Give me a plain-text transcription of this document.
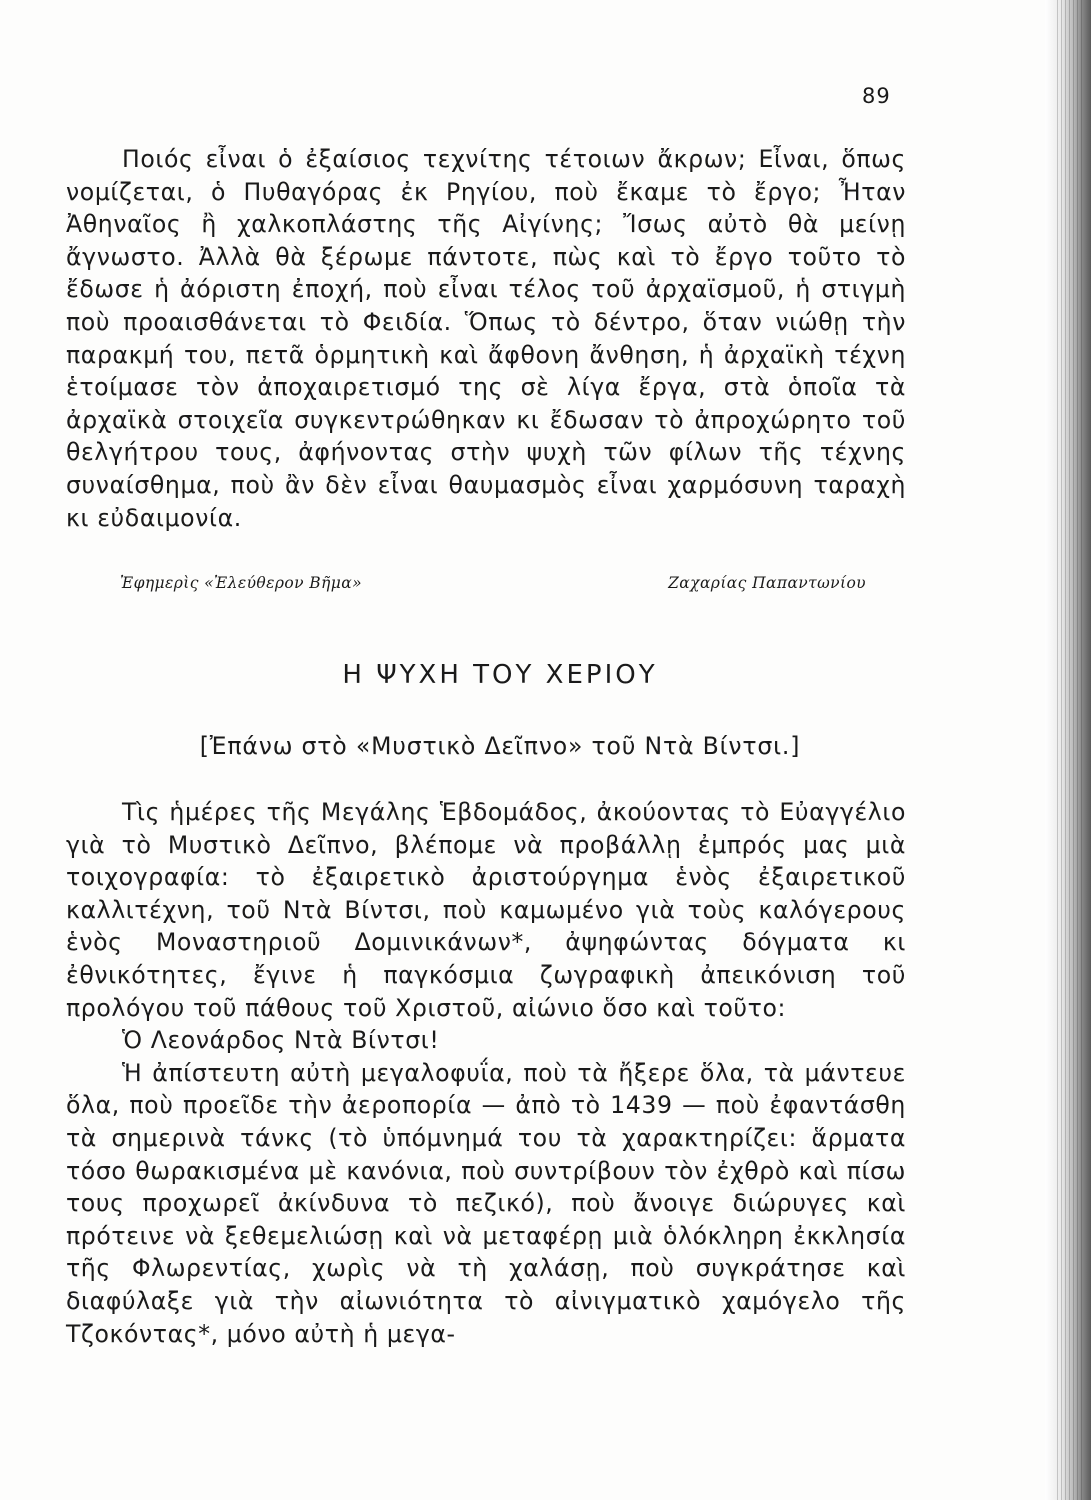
89

Ποιός εἶναι ὁ ἐξαίσιος τεχνίτης τέτοιων ἄκρων; Εἶναι, ὅπως νομίζεται, ὁ Πυθαγόρας ἐκ Ρηγίου, ποὺ ἔκαμε τὸ ἔργο; Ἦταν Ἀθηναῖος ἢ χαλκοπλάστης τῆς Αἰγίνης; Ἴσως αὐτὸ θὰ μείνῃ ἄγνωστο. Ἀλλὰ θὰ ξέρωμε πάντοτε, πὼς καὶ τὸ ἔργο τοῦτο τὸ ἔδωσε ἡ ἀόριστη ἐποχή, ποὺ εἶναι τέλος τοῦ ἀρχαϊσμοῦ, ἡ στιγμὴ ποὺ προαισθάνεται τὸ Φειδία. Ὅπως τὸ δέντρο, ὅταν νιώθῃ τὴν παρακμή του, πετᾶ ὁρμητικὴ καὶ ἄφθονη ἄνθηση, ἡ ἀρχαϊκὴ τέχνη ἑτοίμασε τὸν ἀποχαιρετισμό της σὲ λίγα ἔργα, στὰ ὁποῖα τὰ ἀρχαϊκὰ στοιχεῖα συγκεντρώθηκαν κι ἔδωσαν τὸ ἀπροχώρητο τοῦ θελγήτρου τους, ἀφήνοντας στὴν ψυχὴ τῶν φίλων τῆς τέχνης συναίσθημα, ποὺ ἂν δὲν εἶναι θαυμασμὸς εἶναι χαρμόσυνη ταραχὴ κι εὐδαιμονία.

Ἐφημερὶς «Ἐλεύθερον Βῆμα»	Ζαχαρίας Παπαντωνίου
Η ΨΥΧΗ ΤΟΥ ΧΕΡΙΟΥ
[Ἐπάνω στὸ «Μυστικὸ Δεῖπνο» τοῦ Ντὰ Βίντσι.]

Τὶς ἡμέρες τῆς Μεγάλης Ἑβδομάδος, ἀκούοντας τὸ Εὐαγγέλιο γιὰ τὸ Μυστικὸ Δεῖπνο, βλέπομε νὰ προβάλλῃ ἐμπρός μας μιὰ τοιχογραφία: τὸ ἐξαιρετικὸ ἀριστούργημα ἑνὸς ἐξαιρετικοῦ καλλιτέχνη, τοῦ Ντὰ Βίντσι, ποὺ καμωμένο γιὰ τοὺς καλόγερους ἑνὸς Μοναστηριοῦ Δομινικάνων*, ἀψηφώντας δόγματα κι ἐθνικότητες, ἔγινε ἡ παγκόσμια ζωγραφικὴ ἀπεικόνιση τοῦ προλόγου τοῦ πάθους τοῦ Χριστοῦ, αἰώνιο ὅσο καὶ τοῦτο:

Ὁ Λεονάρδος Ντὰ Βίντσι!

Ἡ ἀπίστευτη αὐτὴ μεγαλοφυΐα, ποὺ τὰ ἤξερε ὅλα, τὰ μάντευε ὅλα, ποὺ προεῖδε τὴν ἀεροπορία — ἀπὸ τὸ 1439 — ποὺ ἐφαντάσθη τὰ σημερινὰ τάνκς (τὸ ὑπόμνημά του τὰ χαρακτηρίζει: ἅρματα τόσο θωρακισμένα μὲ κανόνια, ποὺ συντρίβουν τὸν ἐχθρὸ καὶ πίσω τους προχωρεῖ ἀκίνδυνα τὸ πεζικό), ποὺ ἄνοιγε διώρυγες καὶ πρότεινε νὰ ξεθεμελιώσῃ καὶ νὰ μεταφέρῃ μιὰ ὁλόκληρη ἐκκλησία τῆς Φλωρεντίας, χωρὶς νὰ τὴ χαλάσῃ, ποὺ συγκράτησε καὶ διαφύλαξε γιὰ τὴν αἰωνιότητα τὸ αἰνιγματικὸ χαμόγελο τῆς Τζοκόντας*, μόνο αὐτὴ ἡ μεγα-
